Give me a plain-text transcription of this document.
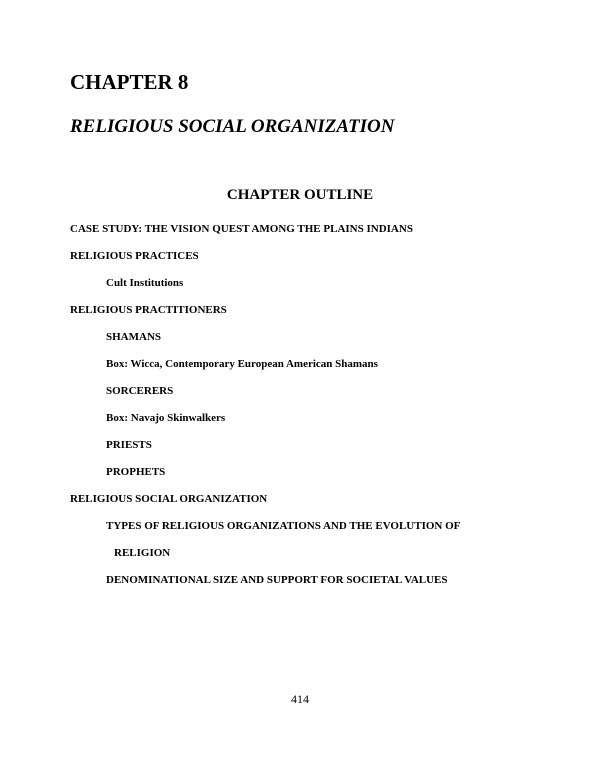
CHAPTER 8
RELIGIOUS SOCIAL ORGANIZATION
CHAPTER OUTLINE

CASE STUDY: THE VISION QUEST AMONG THE PLAINS INDIANS

RELIGIOUS PRACTICES

Cult Institutions

RELIGIOUS PRACTITIONERS

SHAMANS

Box: Wicca, Contemporary European American Shamans

SORCERERS

Box: Navajo Skinwalkers

PRIESTS

PROPHETS

RELIGIOUS SOCIAL ORGANIZATION

TYPES OF RELIGIOUS ORGANIZATIONS AND THE EVOLUTION OF

RELIGION

DENOMINATIONAL SIZE AND SUPPORT FOR SOCIETAL VALUES

414
